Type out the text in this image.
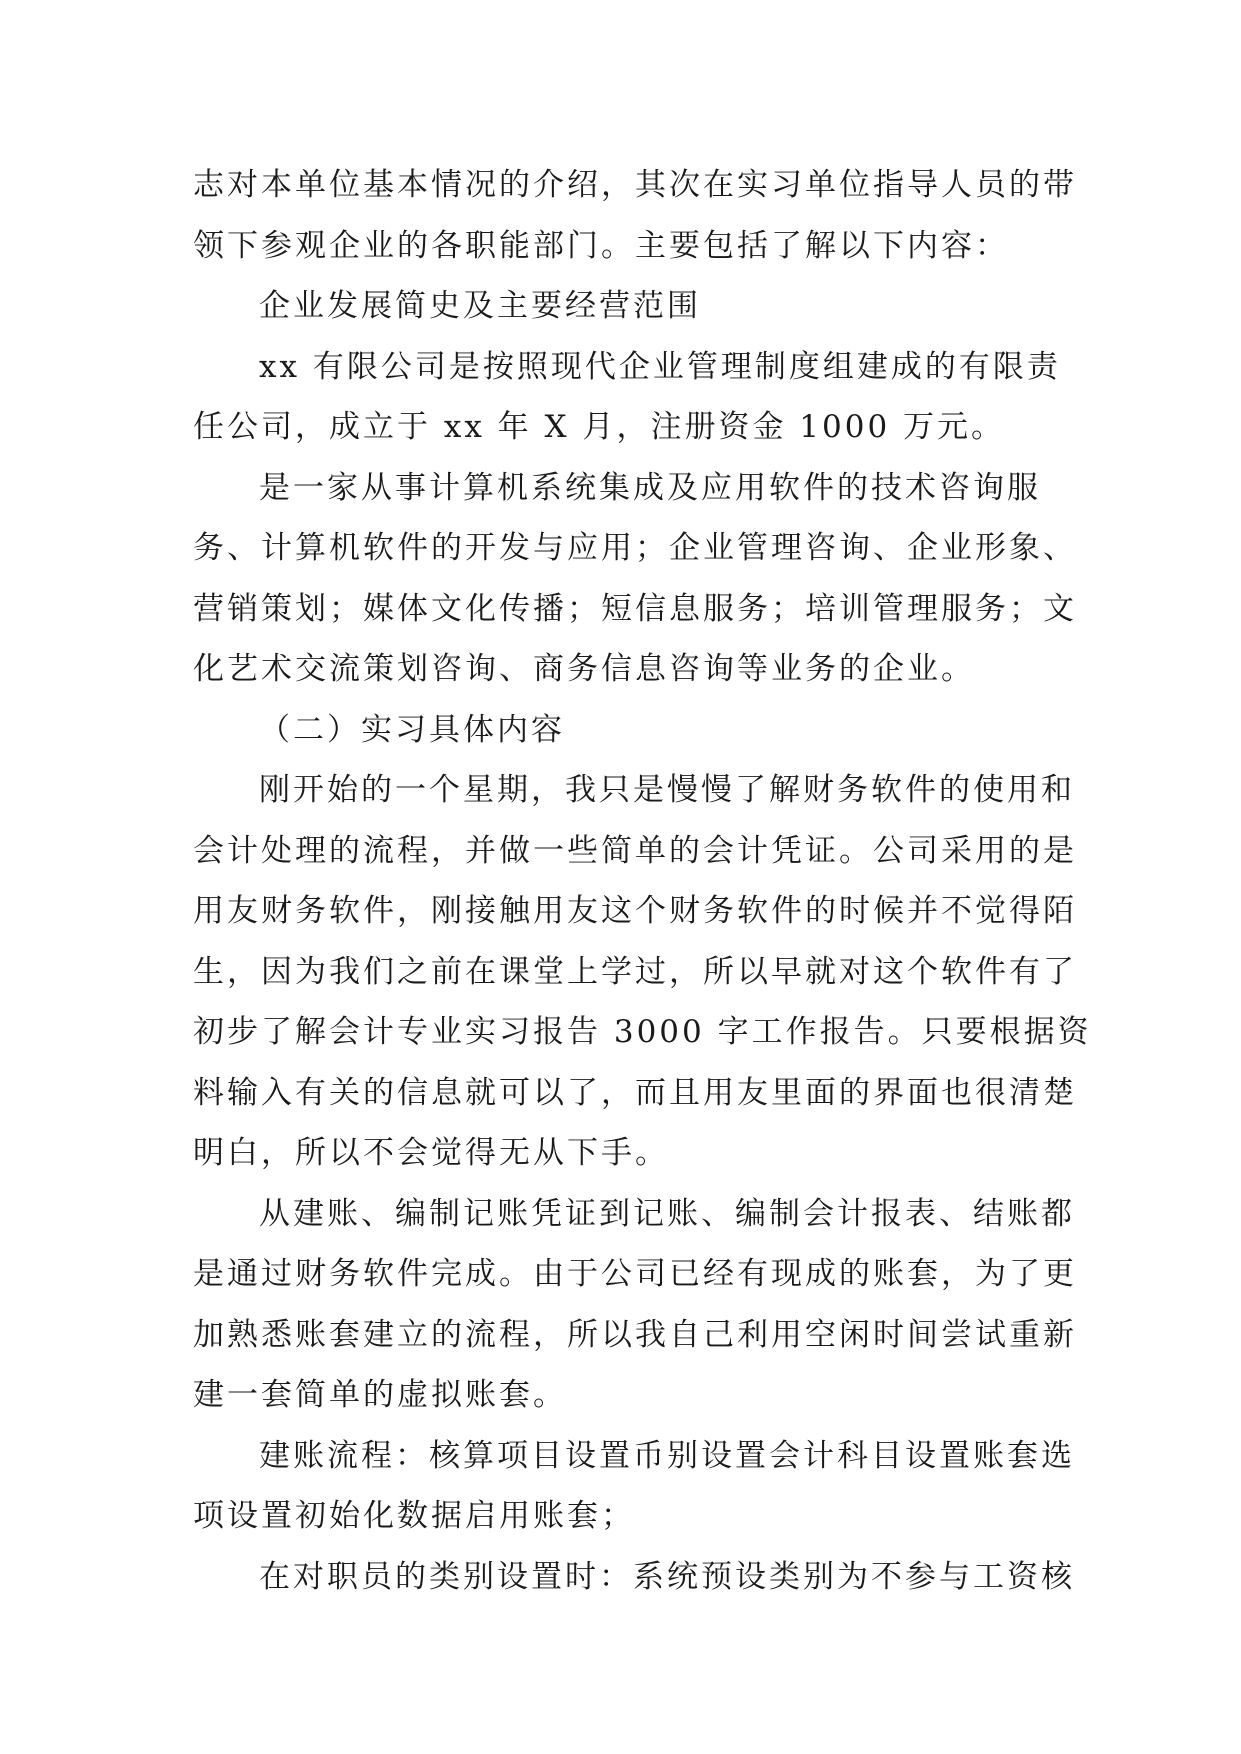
志对本单位基本情况的介绍，其次在实习单位指导人员的带
领下参观企业的各职能部门。主要包括了解以下内容：
企业发展简史及主要经营范围
xx 有限公司是按照现代企业管理制度组建成的有限责
任公司，成立于 xx 年 X 月，注册资金 1000 万元。
是一家从事计算机系统集成及应用软件的技术咨询服
务、计算机软件的开发与应用；企业管理咨询、企业形象、
营销策划；媒体文化传播；短信息服务；培训管理服务；文
化艺术交流策划咨询、商务信息咨询等业务的企业。
（二）实习具体内容
刚开始的一个星期，我只是慢慢了解财务软件的使用和
会计处理的流程，并做一些简单的会计凭证。公司采用的是
用友财务软件，刚接触用友这个财务软件的时候并不觉得陌
生，因为我们之前在课堂上学过，所以早就对这个软件有了
初步了解会计专业实习报告 3000 字工作报告。只要根据资
料输入有关的信息就可以了，而且用友里面的界面也很清楚
明白，所以不会觉得无从下手。
从建账、编制记账凭证到记账、编制会计报表、结账都
是通过财务软件完成。由于公司已经有现成的账套，为了更
加熟悉账套建立的流程，所以我自己利用空闲时间尝试重新
建一套简单的虚拟账套。
建账流程：核算项目设置币别设置会计科目设置账套选
项设置初始化数据启用账套；
在对职员的类别设置时：系统预设类别为不参与工资核
